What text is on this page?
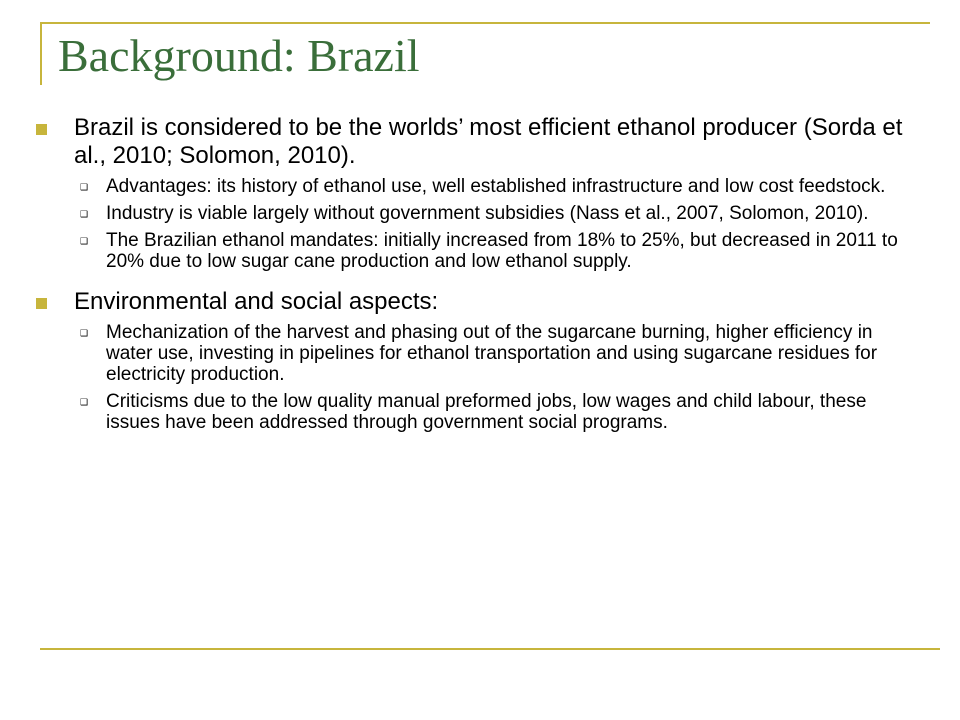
Background: Brazil
Brazil is considered to be the worlds’ most efficient ethanol producer (Sorda et al., 2010; Solomon, 2010).
❑ Advantages: its history of ethanol use, well established infrastructure and low cost feedstock.
❑ Industry is viable largely without government subsidies (Nass et al., 2007, Solomon, 2010).
❑ The Brazilian ethanol mandates: initially increased from 18% to 25%, but decreased in 2011 to 20% due to low sugar cane production and low ethanol supply.
Environmental and social aspects:
❑ Mechanization of the harvest and phasing out of the sugarcane burning, higher efficiency in water use, investing in pipelines for ethanol transportation and using sugarcane residues for electricity production.
❑ Criticisms due to the low quality manual preformed jobs, low wages and child labour, these issues have been addressed through government social programs.
